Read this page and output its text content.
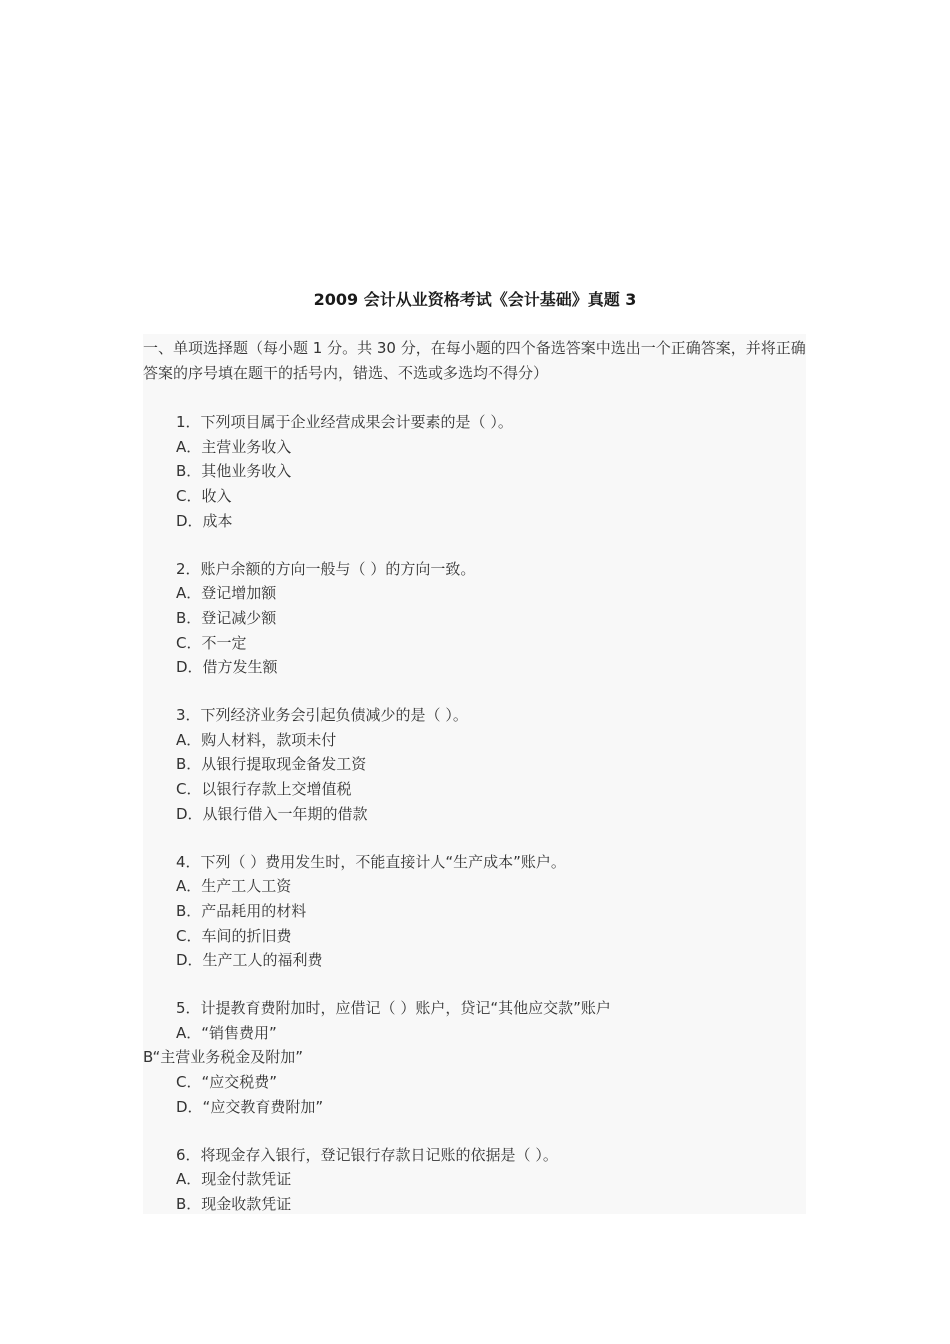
2009 会计从业资格考试《会计基础》真题 3

一、单项选择题（每小题 1 分。共 30 分，在每小题的四个备选答案中选出一个正确答案，并将正确答案的序号填在题干的括号内，错选、不选或多选均不得分）

1．下列项目属于企业经营成果会计要素的是（ ）。
A．主营业务收入
B．其他业务收入
C．收入
D．成本
2．账户余额的方向一般与（ ）的方向一致。
A．登记增加额
B．登记减少额
C．不一定
D．借方发生额
3．下列经济业务会引起负债减少的是（ ）。
A．购人材料，款项未付
B．从银行提取现金备发工资
C．以银行存款上交增值税
D．从银行借入一年期的借款
4．下列（ ）费用发生时，不能直接计人“生产成本”账户。
A．生产工人工资
B．产品耗用的材料
C．车间的折旧费
D．生产工人的福利费
5．计提教育费附加时，应借记（ ）账户，贷记“其他应交款”账户
A．“销售费用”
B“主营业务税金及附加”
C．“应交税费”
D．“应交教育费附加”
6．将现金存入银行，登记银行存款日记账的依据是（ ）。
A．现金付款凭证
B．现金收款凭证
